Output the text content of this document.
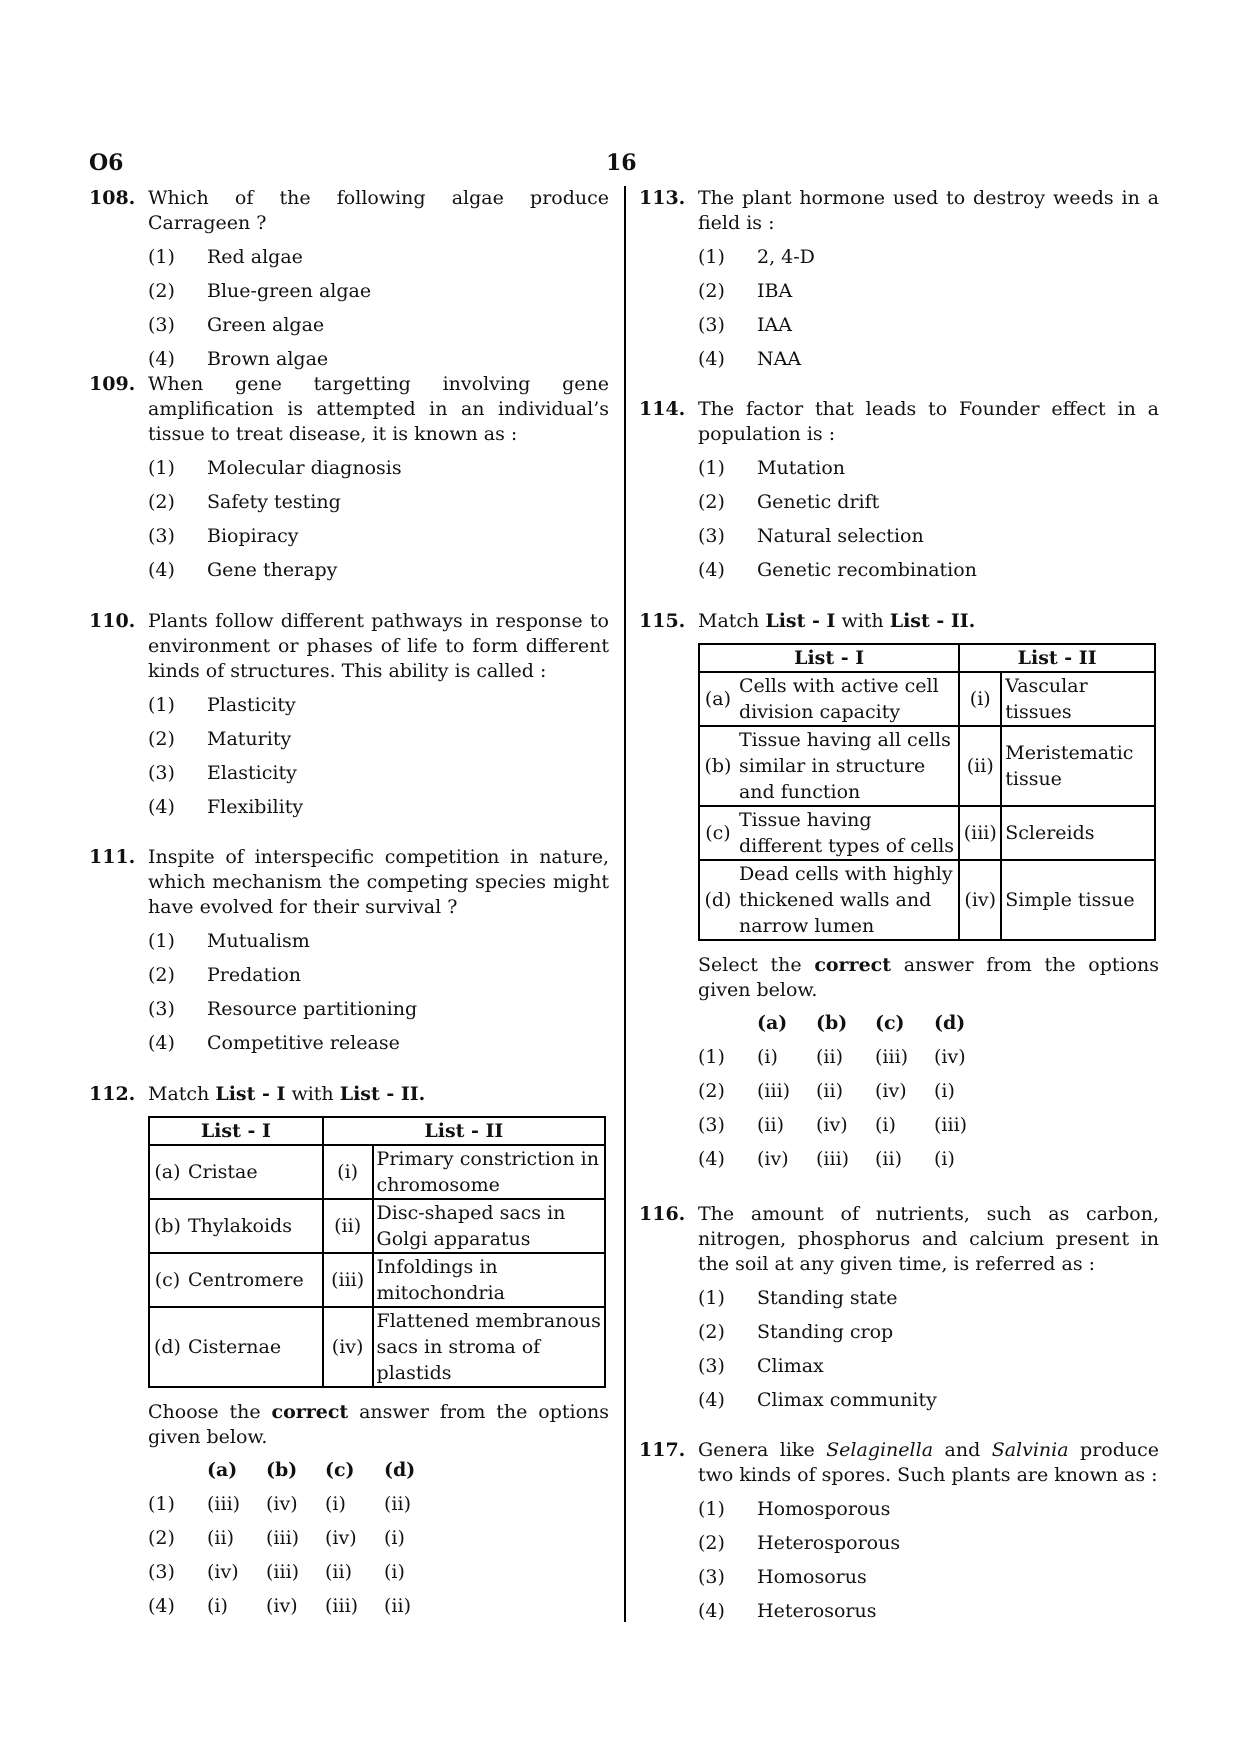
O6	16
108. Which of the following algae produce Carrageen ?
(1)	Red algae
(2)	Blue-green algae
(3)	Green algae
(4)	Brown algae
109. When gene targetting involving gene amplification is attempted in an individual’s tissue to treat disease, it is known as :
(1)	Molecular diagnosis
(2)	Safety testing
(3)	Biopiracy
(4)	Gene therapy
110. Plants follow different pathways in response to environment or phases of life to form different kinds of structures. This ability is called :
(1)	Plasticity
(2)	Maturity
(3)	Elasticity
(4)	Flexibility
111. Inspite of interspecific competition in nature, which mechanism the competing species might have evolved for their survival ?
(1)	Mutualism
(2)	Predation
(3)	Resource partitioning
(4)	Competitive release
112. Match List - I with List - II.
List - I		List - II	
(a)	Cristae	(i)	Primary constriction in chromosome
(b)	Thylakoids	(ii)	Disc-shaped sacs in Golgi apparatus
(c)	Centromere	(iii)	Infoldings in mitochondria
(d)	Cisternae	(iv)	Flattened membranous sacs in stroma of plastids
Choose the correct answer from the options given below.
	(a)	(b)	(c)	(d)
(1)	(iii)	(iv)	(i)	(ii)
(2)	(ii)	(iii)	(iv)	(i)
(3)	(iv)	(iii)	(ii)	(i)
(4)	(i)	(iv)	(iii)	(ii)
113. The plant hormone used to destroy weeds in a field is :
(1)	2, 4-D
(2)	IBA
(3)	IAA
(4)	NAA
114. The factor that leads to Founder effect in a population is :
(1)	Mutation
(2)	Genetic drift
(3)	Natural selection
(4)	Genetic recombination
115. Match List - I with List - II.
List - I		List - II	
(a)	Cells with active cell division capacity	(i)	Vascular tissues
(b)	Tissue having all cells similar in structure and function	(ii)	Meristematic tissue
(c)	Tissue having different types of cells	(iii)	Sclereids
(d)	Dead cells with highly thickened walls and narrow lumen	(iv)	Simple tissue
Select the correct answer from the options given below.
	(a)	(b)	(c)	(d)
(1)	(i)	(ii)	(iii)	(iv)
(2)	(iii)	(ii)	(iv)	(i)
(3)	(ii)	(iv)	(i)	(iii)
(4)	(iv)	(iii)	(ii)	(i)
116. The amount of nutrients, such as carbon, nitrogen, phosphorus and calcium present in the soil at any given time, is referred as :
(1)	Standing state
(2)	Standing crop
(3)	Climax
(4)	Climax community
117. Genera like Selaginella and Salvinia produce two kinds of spores. Such plants are known as :
(1)	Homosporous
(2)	Heterosporous
(3)	Homosorus
(4)	Heterosorus
